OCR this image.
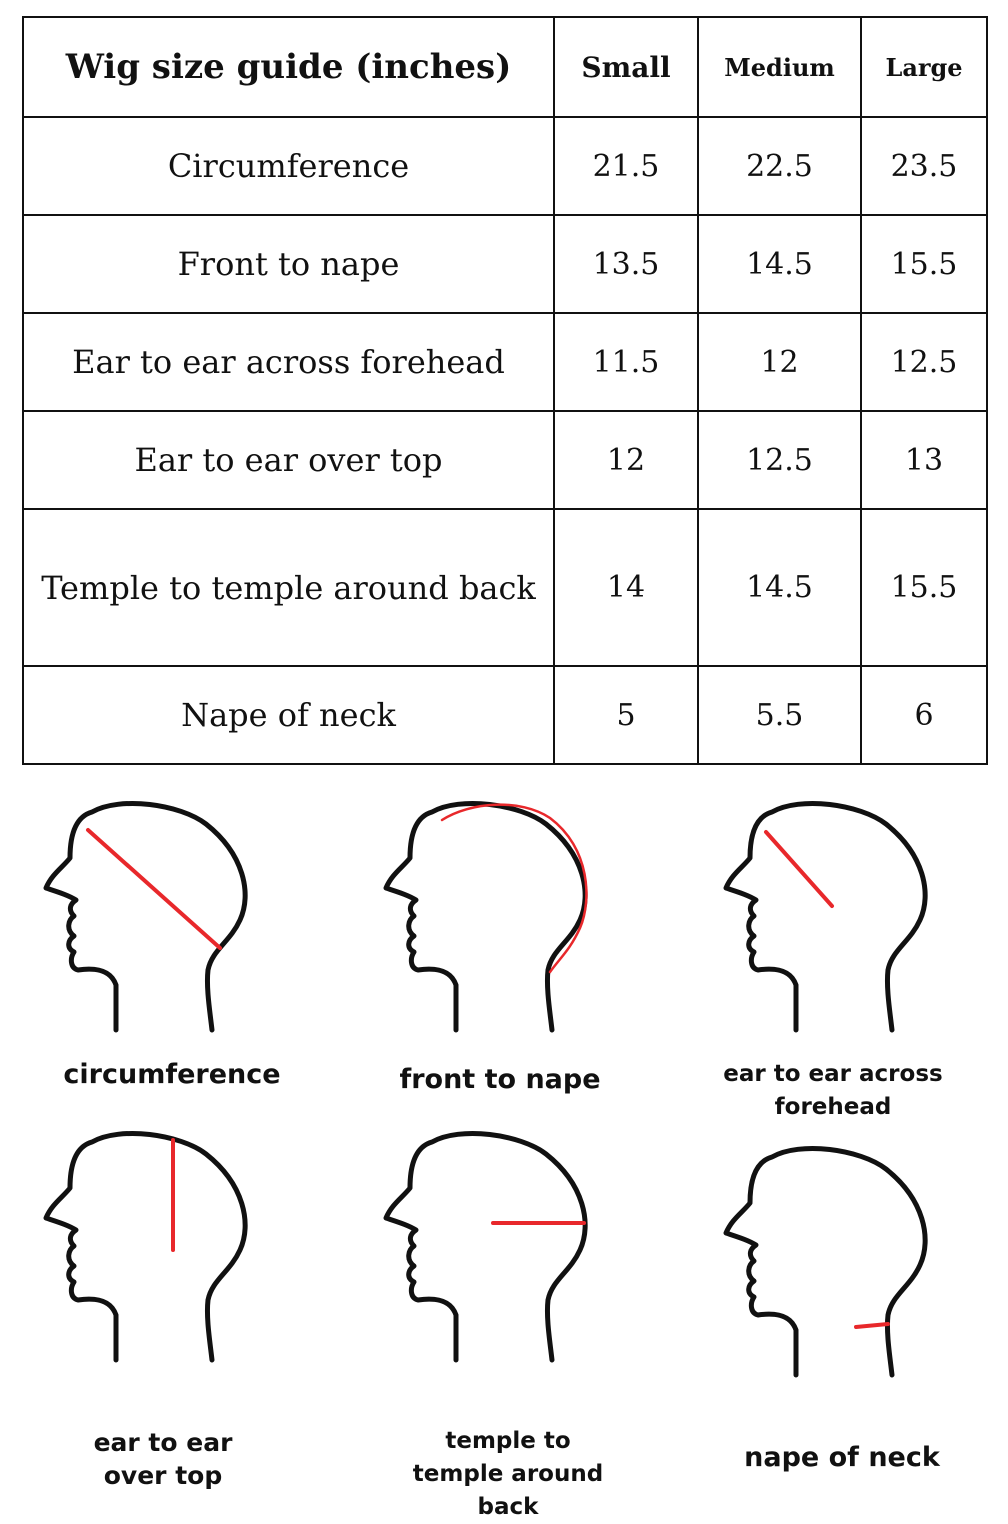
Wig size guide (inches)	Small	Medium	Large
Circumference	21.5	22.5	23.5
Front to nape	13.5	14.5	15.5
Ear to ear across forehead	11.5	12	12.5
Ear to ear over top	12	12.5	13
Temple to temple around back	14	14.5	15.5
Nape of neck	5	5.5	6
circumference	front to nape	ear to ear across forehead
ear to ear over top
temple to temple around back
nape of neck
